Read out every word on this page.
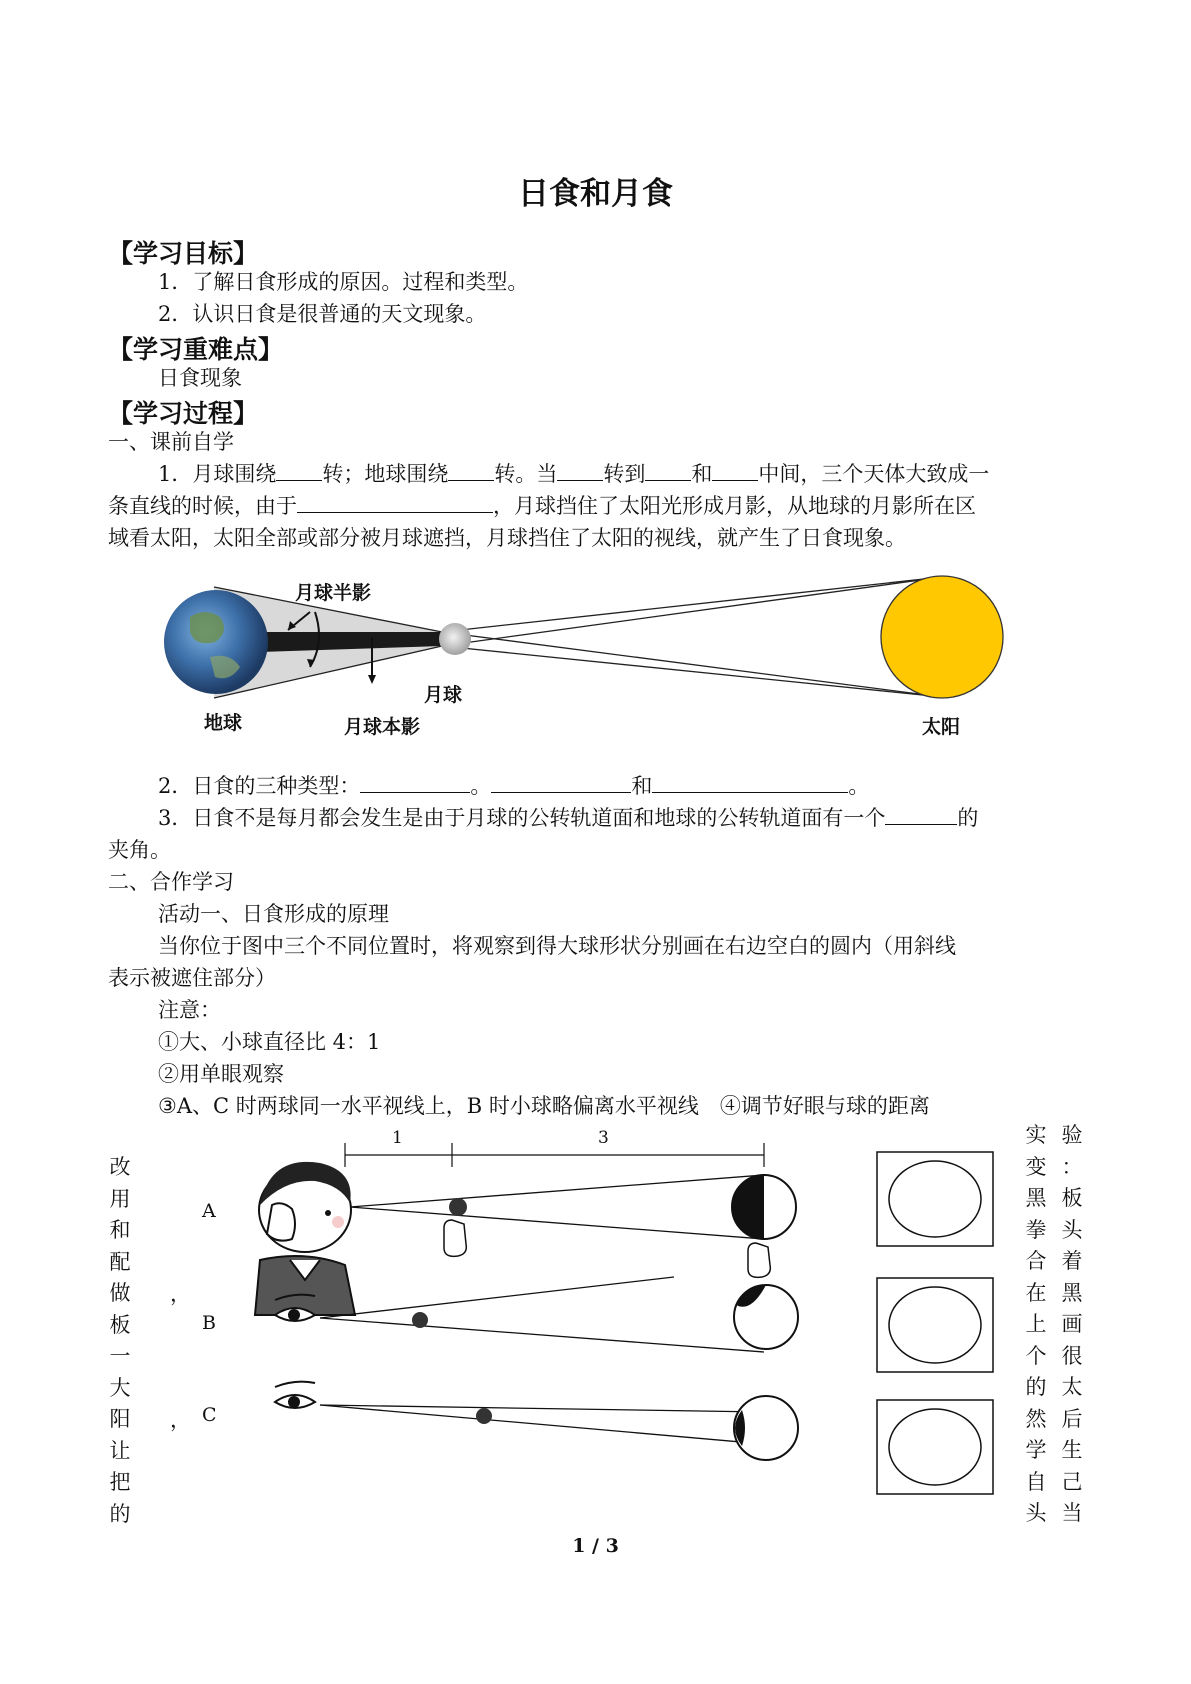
日食和月食
【学习目标】
1．了解日食形成的原因。过程和类型。
2．认识日食是很普通的天文现象。
【学习重难点】
日食现象
【学习过程】
一、课前自学
1．月球围绕 转；地球围绕 转。当 转到 和 中间，三个天体大致成一
条直线的时候，由于	，月球挡住了太阳光形成月影，从地球的月影所在区
域看太阳，太阳全部或部分被月球遮挡，月球挡住了太阳的视线，就产生了日食现象。
月球半影
月球
地球	月球本影	太阳
2．日食的三种类型：	。	和	。
3．日食不是每月都会发生是由于月球的公转轨道面和地球的公转轨道面有一个	的
夹角。
二、合作学习
活动一、日食形成的原理
当你位于图中三个不同位置时，将观察到得大球形状分别画在右边空白的圆内（用斜线
表示被遮住部分）
注意：
①大、小球直径比 4：1
②用单眼观察
③A、C 时两球同一水平视线上，B 时小球略偏离水平视线　④调节好眼与球的距离
改
用
和
配
做
板
一
大
阳
让
把
的
，
，
1	3
A
B
C
实
变
黑
拳
合
在
上
个
的
然
学
自
头
验
：
板
头
着
黑
画
很
太
后
生
己
当
1 / 3
